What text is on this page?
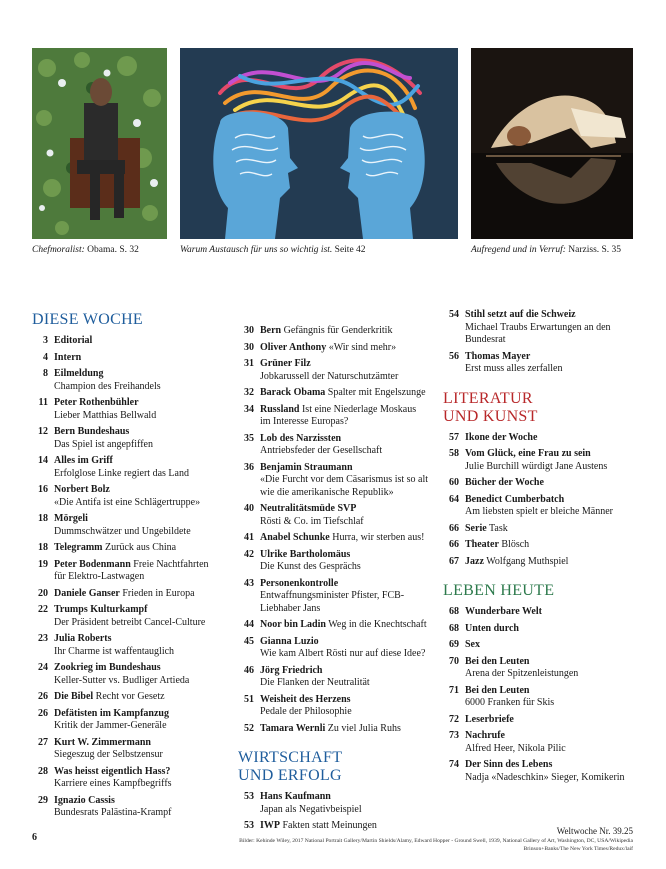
Chefmoralist: Obama. S. 32	Warum Austausch für uns so wichtig ist. Seite 42	Aufregend und in Verruf: Narziss. S. 35
DIESE WOCHE
3 Editorial
4 Intern
8 Eilmeldung
Champion des Freihandels
11 Peter Rothenbühler
Lieber Matthias Bellwald
12 Bern Bundeshaus
Das Spiel ist angepfiffen
14 Alles im Griff
Erfolglose Linke regiert das Land
16 Norbert Bolz
«Die Antifa ist eine Schlägertruppe»
18 Mörgeli
Dummschwätzer und Ungebildete
18 Telegramm Zurück aus China
19 Peter Bodenmann Freie Nachtfahrten
für Elektro-Lastwagen
20 Daniele Ganser Frieden in Europa
22 Trumps Kulturkampf
Der Präsident betreibt Cancel-Culture
23 Julia Roberts
Ihr Charme ist waffentauglich
24 Zookrieg im Bundeshaus
Keller-Sutter vs. Budliger Artieda
26 Die Bibel Recht vor Gesetz
26 Defätisten im Kampfanzug
Kritik der Jammer-Generäle
27 Kurt W. Zimmermann
Siegeszug der Selbstzensur
28 Was heisst eigentlich Hass?
Karriere eines Kampfbegriffs
29 Ignazio Cassis
Bundesrats Palästina-Krampf
30 Bern Gefängnis für Genderkritik
30 Oliver Anthony «Wir sind mehr»
31 Grüner Filz
Jobkarussell der Naturschutzämter
32 Barack Obama Spalter mit Engelszunge
34 Russland Ist eine Niederlage Moskaus
im Interesse Europas?
35 Lob des Narzissten
Antriebsfeder der Gesellschaft
36 Benjamin Straumann
«Die Furcht vor dem Cäsarismus ist so alt wie die amerikanische Republik»
40 Neutralitätsmüde SVP
Rösti & Co. im Tiefschlaf
41 Anabel Schunke Hurra, wir sterben aus!
42 Ulrike Bartholomäus
Die Kunst des Gesprächs
43 Personenkontrolle
Entwaffnungsminister Pfister, FCB-Liebhaber Jans
44 Noor bin Ladin Weg in die Knechtschaft
45 Gianna Luzio
Wie kam Albert Rösti nur auf diese Idee?
46 Jörg Friedrich
Die Flanken der Neutralität
51 Weisheit des Herzens
Pedale der Philosophie
52 Tamara Wernli Zu viel Julia Ruhs
WIRTSCHAFT
UND ERFOLG
53 Hans Kaufmann
Japan als Negativbeispiel
53 IWP Fakten statt Meinungen
54 Stihl setzt auf die Schweiz
Michael Traubs Erwartungen an den Bundesrat
56 Thomas Mayer
Erst muss alles zerfallen
LITERATUR
UND KUNST
57 Ikone der Woche
58 Vom Glück, eine Frau zu sein
Julie Burchill würdigt Jane Austens
60 Bücher der Woche
64 Benedict Cumberbatch
Am liebsten spielt er bleiche Männer
66 Serie Task
66 Theater Blösch
67 Jazz Wolfgang Muthspiel
LEBEN HEUTE
68 Wunderbare Welt
68 Unten durch
69 Sex
70 Bei den Leuten
Arena der Spitzenleistungen
71 Bei den Leuten
6000 Franken für Skis
72 Leserbriefe
73 Nachrufe
Alfred Heer, Nikola Pilic
74 Der Sinn des Lebens
Nadja «Nadeschkin» Sieger, Komikerin
6
Weltwoche Nr. 39.25
Bilder: Kehinde Wiley, 2017 National Portrait Gallery/Martin Shields/Alamy, Edward Hopper - Ground Swell, 1939, National Gallery of Art, Washington, DC, USA/Wikipedia Brinson+Banks/The New York Times/Redux/laif
